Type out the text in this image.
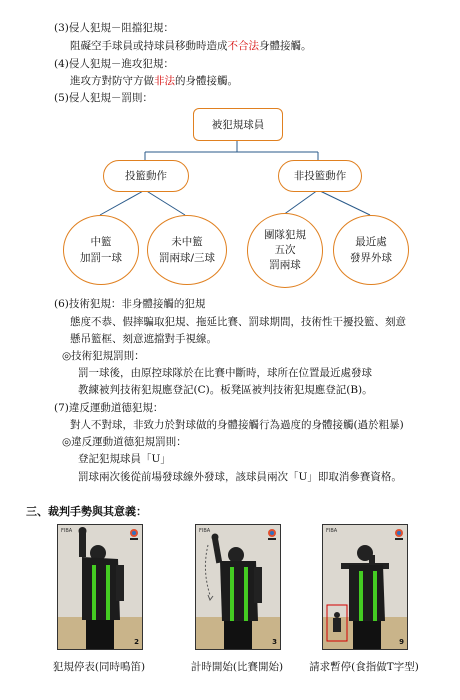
(3)侵人犯規－阻擋犯規：
阻礙空手球員或持球員移動時造成不合法身體接觸。
(4)侵人犯規－進攻犯規：
進攻方對防守方做非法的身體接觸。
(5)侵人犯規－罰則：
被犯規球員
投籃動作	非投籃動作
中籃
加罰一球
未中籃
罰兩球/三球
團隊犯規
五次
罰兩球
最近處
發界外球
(6)技術犯規：非身體接觸的犯規
態度不恭、假摔騙取犯規、拖延比賽、罰球期間，技術性干擾投籃、刻意
懸吊籃框、刻意遮擋對手視線。
◎技術犯規罰則：
罰一球後，由原控球隊於在比賽中斷時，球所在位置最近處發球
教練被判技術犯規應登記(C)。板凳區被判技術犯規應登記(B)。
(7)違反運動道德犯規：
對人不對球，非致力於對球做的身體接觸行為過度的身體接觸(過於粗暴)
◎違反運動道德犯規罰則：
登記犯規球員「U」
罰球兩次後從前場發球線外發球，該球員兩次「U」即取消參賽資格。
三、裁判手勢與其意義：
FIBA
2
FIBA
3
FIBA
9
犯規停表(同時鳴笛)	計時開始(比賽開始)	請求暫停(食指做T字型)
